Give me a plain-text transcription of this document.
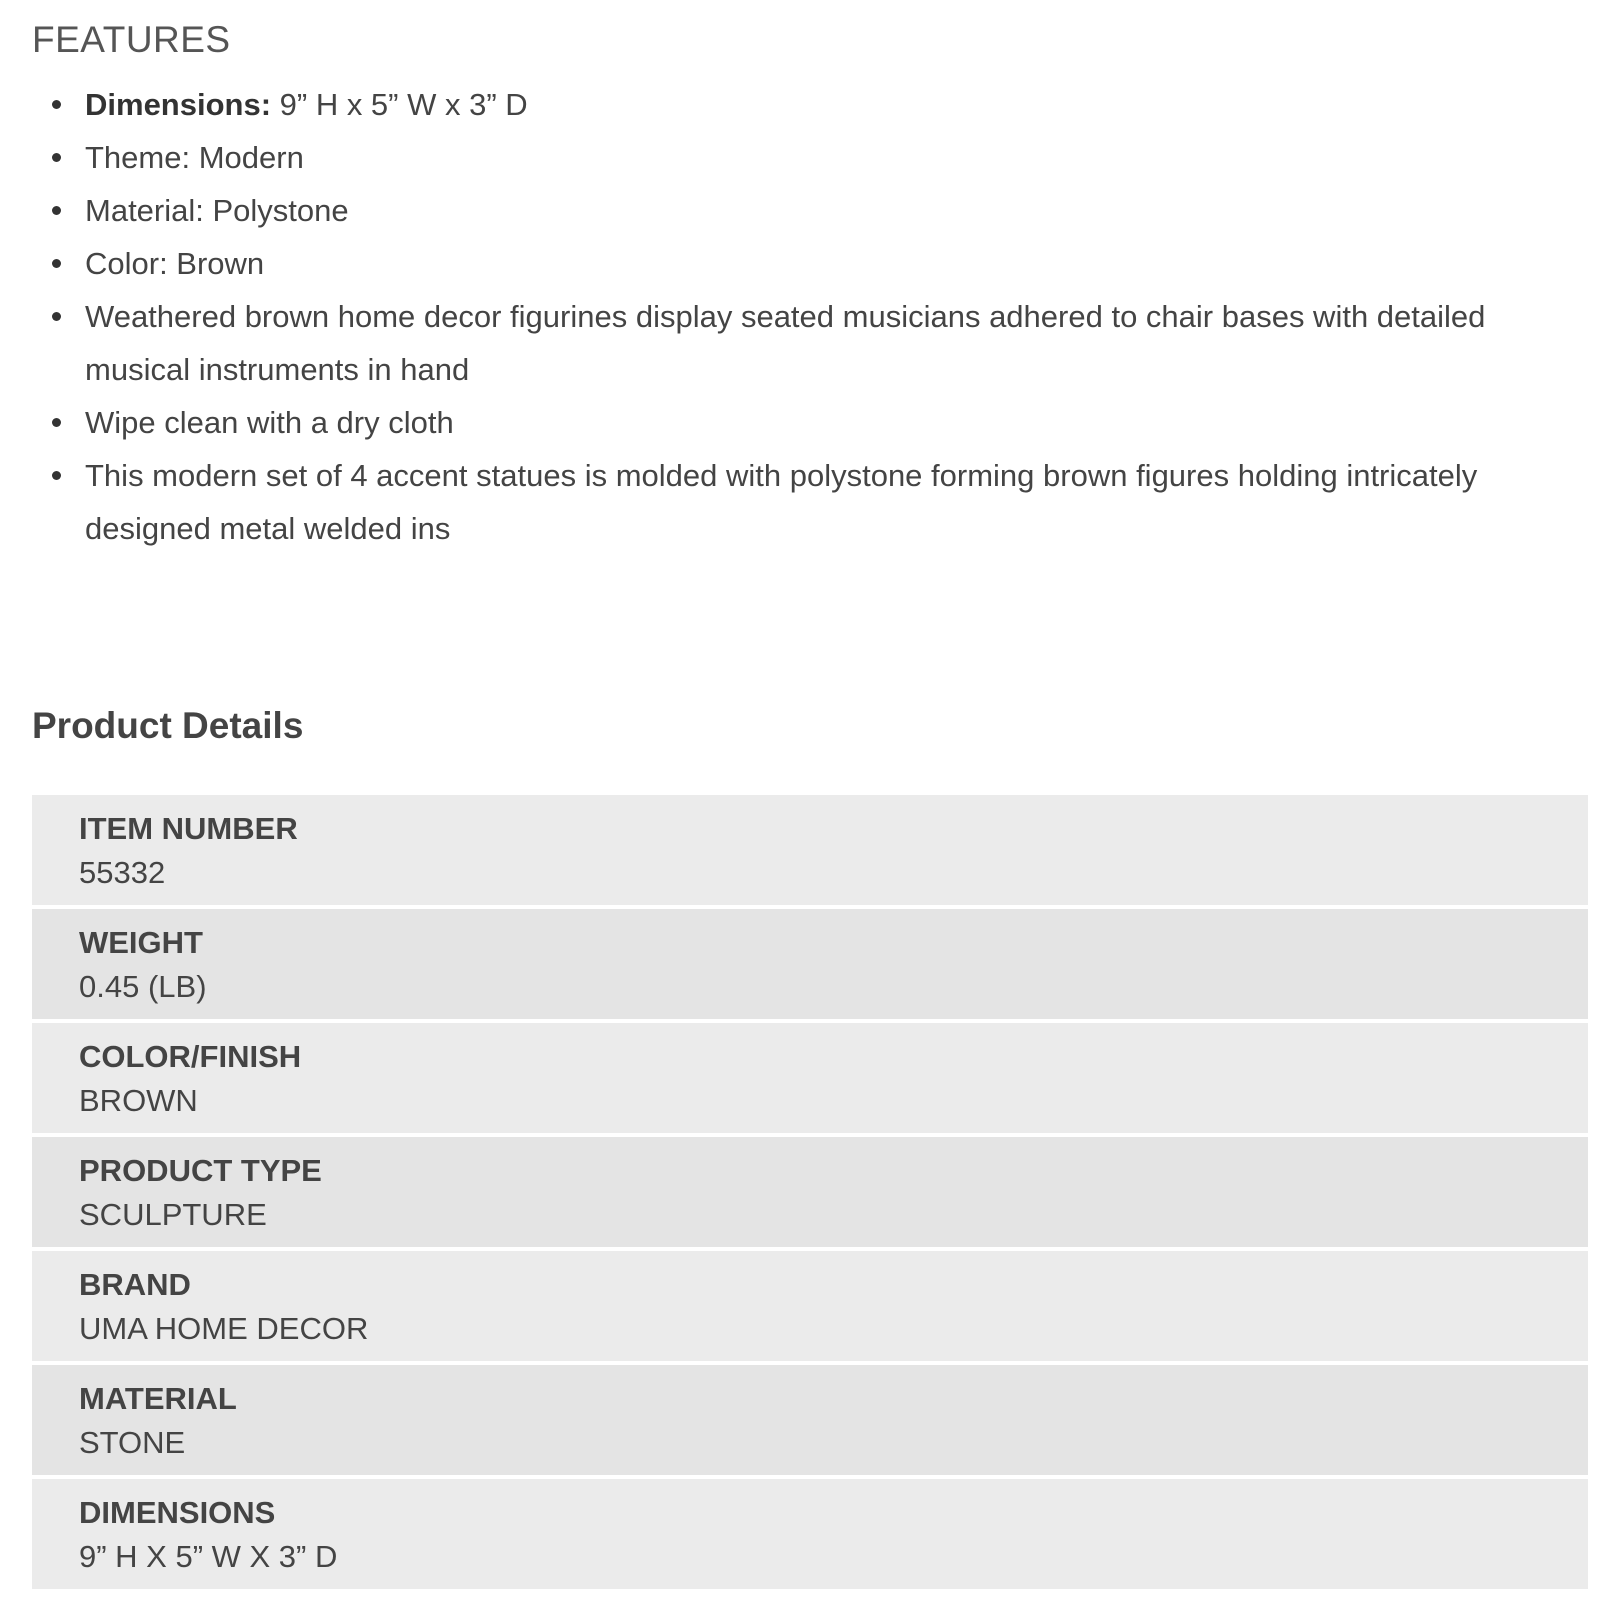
FEATURES
Dimensions: 9” H x 5” W x 3” D
Theme: Modern
Material: Polystone
Color: Brown
Weathered brown home decor figurines display seated musicians adhered to chair bases with detailed musical instruments in hand
Wipe clean with a dry cloth
This modern set of 4 accent statues is molded with polystone forming brown figures holding intricately designed metal welded ins
Product Details
ITEM NUMBER
55332
WEIGHT
0.45 (LB)
COLOR/FINISH
BROWN
PRODUCT TYPE
SCULPTURE
BRAND
UMA HOME DECOR
MATERIAL
STONE
DIMENSIONS
9” H X 5” W X 3” D
